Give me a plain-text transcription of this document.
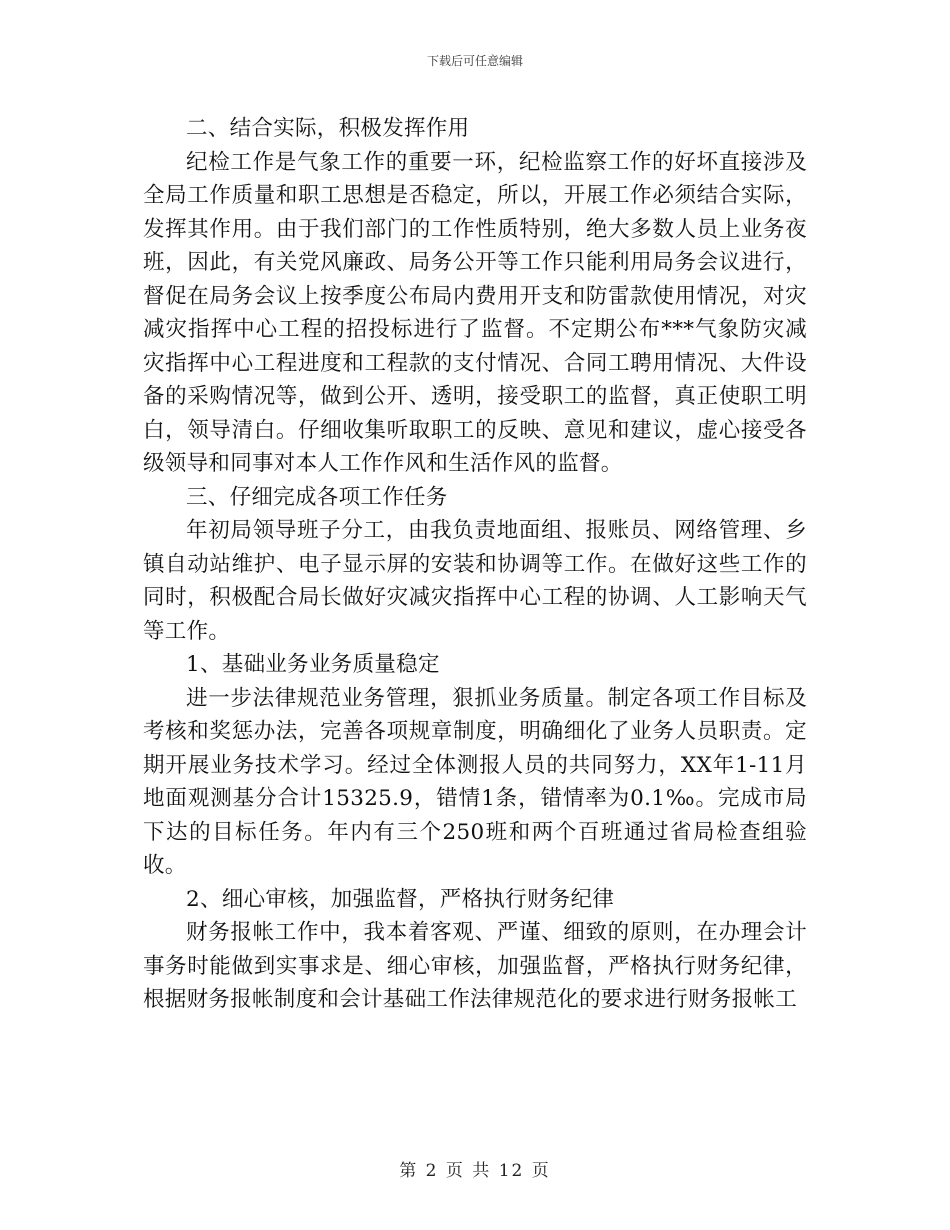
下载后可任意编辑

二、结合实际，积极发挥作用

纪检工作是气象工作的重要一环，纪检监察工作的好坏直接涉及全局工作质量和职工思想是否稳定，所以，开展工作必须结合实际，发挥其作用。由于我们部门的工作性质特别，绝大多数人员上业务夜班，因此，有关党风廉政、局务公开等工作只能利用局务会议进行，督促在局务会议上按季度公布局内费用开支和防雷款使用情况，对灾减灾指挥中心工程的招投标进行了监督。不定期公布***气象防灾减灾指挥中心工程进度和工程款的支付情况、合同工聘用情况、大件设备的采购情况等，做到公开、透明，接受职工的监督，真正使职工明白，领导清白。仔细收集听取职工的反映、意见和建议，虚心接受各级领导和同事对本人工作作风和生活作风的监督。

三、仔细完成各项工作任务

年初局领导班子分工，由我负责地面组、报账员、网络管理、乡镇自动站维护、电子显示屏的安装和协调等工作。在做好这些工作的同时，积极配合局长做好灾减灾指挥中心工程的协调、人工影响天气等工作。

1、基础业务业务质量稳定

进一步法律规范业务管理，狠抓业务质量。制定各项工作目标及考核和奖惩办法，完善各项规章制度，明确细化了业务人员职责。定期开展业务技术学习。经过全体测报人员的共同努力，XX年1-11月地面观测基分合计15325.9，错情1条，错情率为0.1‰。完成市局下达的目标任务。年内有三个250班和两个百班通过省局检查组验收。

2、细心审核，加强监督，严格执行财务纪律

财务报帐工作中，我本着客观、严谨、细致的原则，在办理会计事务时能做到实事求是、细心审核，加强监督，严格执行财务纪律，根据财务报帐制度和会计基础工作法律规范化的要求进行财务报帐工

第 2 页 共 12 页
